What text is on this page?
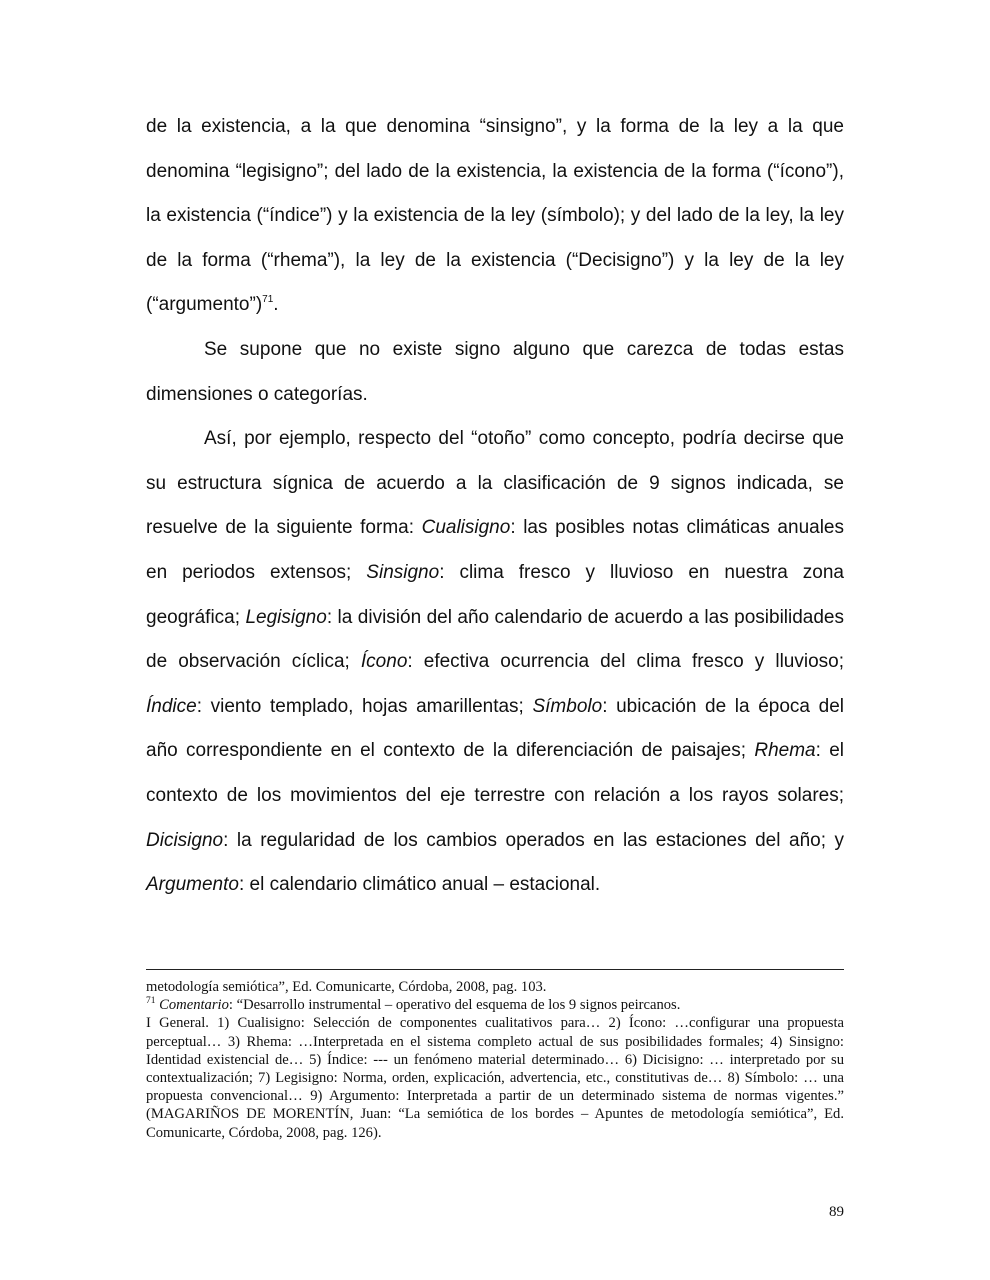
de la existencia, a la que denomina “sinsigno”, y la forma de la ley a la que denomina “legisigno”; del lado de la existencia, la existencia de la forma (“ícono”), la existencia (“índice”) y la existencia de la ley (símbolo); y del lado de la ley, la ley de la forma (“rhema”), la ley de la existencia (“Decisigno”) y la ley de la ley (“argumento”)$^{71}$.

Se supone que no existe signo alguno que carezca de todas estas dimensiones o categorías.

Así, por ejemplo, respecto del “otoño” como concepto, podría decirse que su estructura sígnica de acuerdo a la clasificación de 9 signos indicada, se resuelve de la siguiente forma: Cualisigno: las posibles notas climáticas anuales en periodos extensos; Sinsigno: clima fresco y lluvioso en nuestra zona geográfica; Legisigno: la división del año calendario de acuerdo a las posibilidades de observación cíclica; Ícono: efectiva ocurrencia del clima fresco y lluvioso; Índice: viento templado, hojas amarillentas; Símbolo: ubicación de la época del año correspondiente en el contexto de la diferenciación de paisajes; Rhema: el contexto de los movimientos del eje terrestre con relación a los rayos solares; Dicisigno: la regularidad de los cambios operados en las estaciones del año; y Argumento: el calendario climático anual – estacional.

metodología semiótica”, Ed. Comunicarte, Córdoba, 2008, pag. 103.

$^{71}$ Comentario: “Desarrollo instrumental – operativo del esquema de los 9 signos peircanos.

I General. 1) Cualisigno: Selección de componentes cualitativos para… 2) Ícono: …configurar una propuesta perceptual… 3) Rhema: …Interpretada en el sistema completo actual de sus posibilidades formales; 4) Sinsigno: Identidad existencial de… 5) Índice: --- un fenómeno material determinado… 6) Dicisigno: … interpretado por su contextualización; 7) Legisigno: Norma, orden, explicación, advertencia, etc., constitutivas de… 8) Símbolo: … una propuesta convencional… 9) Argumento: Interpretada a partir de un determinado sistema de normas vigentes.” (MAGARIÑOS DE MORENTÍN, Juan: “La semiótica de los bordes – Apuntes de metodología semiótica”, Ed. Comunicarte, Córdoba, 2008, pag. 126).

89
